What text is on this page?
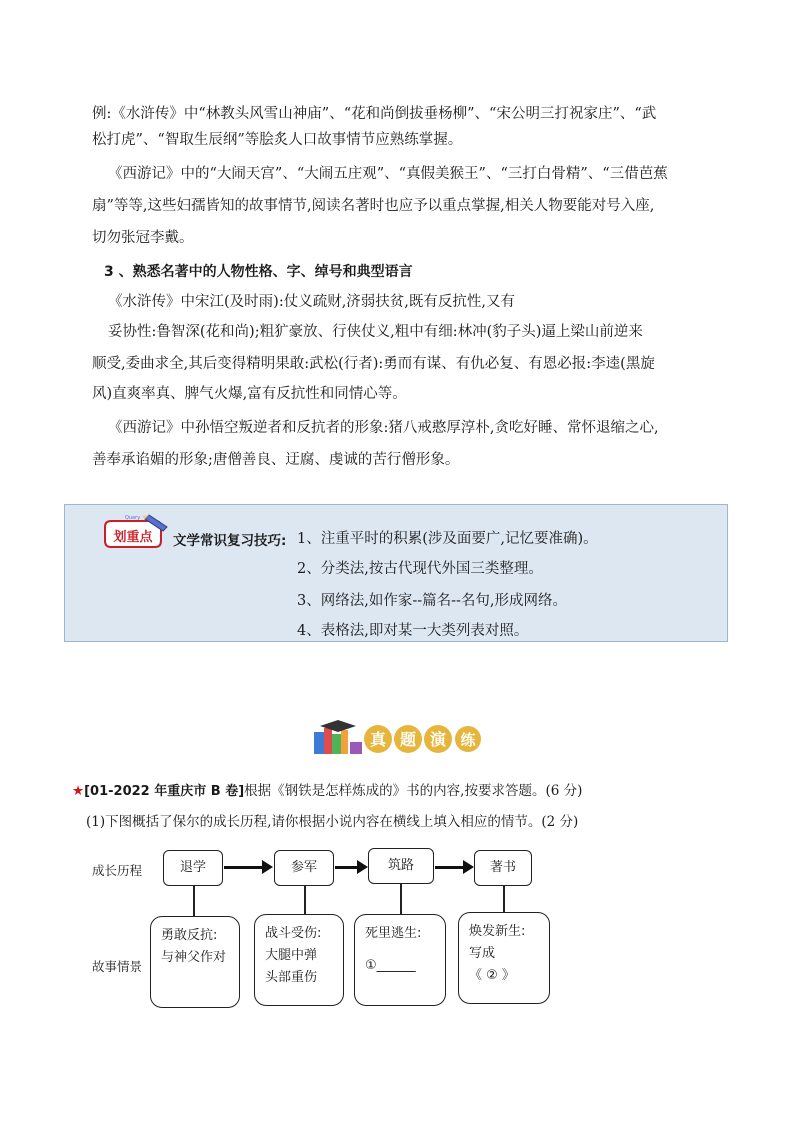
例:《水浒传》中“林教头风雪山神庙”、“花和尚倒拔垂杨柳”、“宋公明三打祝家庄”、“武
松打虎”、“智取生辰纲”等脍炙人口故事情节应熟练掌握。
《西游记》中的“大闹天宫”、“大闹五庄观”、“真假美猴王”、“三打白骨精”、“三借芭蕉
扇”等等,这些妇孺皆知的故事情节,阅读名著时也应予以重点掌握,相关人物要能对号入座,
切勿张冠李戴。
3 、熟悉名著中的人物性格、字、绰号和典型语言
《水浒传》中宋江(及时雨):仗义疏财,济弱扶贫,既有反抗性,又有
妥协性:鲁智深(花和尚);粗犷豪放、行侠仗义,粗中有细:林冲(豹子头)逼上梁山前逆来
顺受,委曲求全,其后变得精明果敢:武松(行者):勇而有谋、有仇必复、有恩必报:李逵(黑旋
风)直爽率真、脾气火爆,富有反抗性和同情心等。
《西游记》中孙悟空叛逆者和反抗者的形象:猪八戒憨厚淳朴,贪吃好睡、常怀退缩之心,
善奉承谄媚的形象;唐僧善良、迂腐、虔诚的苦行僧形象。
划重点
Query
文学常识复习技巧: 1、注重平时的积累(涉及面要广,记忆要准确)。
2、分类法,按古代现代外国三类整理。
3、网络法,如作家--篇名--名句,形成网络。
4、表格法,即对某一大类列表对照。
真 题 演 练
★[01-2022 年重庆市 B 卷]根据《钢铁是怎样炼成的》书的内容,按要求答题。(6 分)
(1)下图概括了保尔的成长历程,请你根据小说内容在横线上填入相应的情节。(2 分)
成长历程
故事情景
退学	参军	筑路	著书
勇敢反抗:
与神父作对
战斗受伤:
大腿中弹
头部重伤
死里逃生:
①______
焕发新生:
写成
《 ② 》
